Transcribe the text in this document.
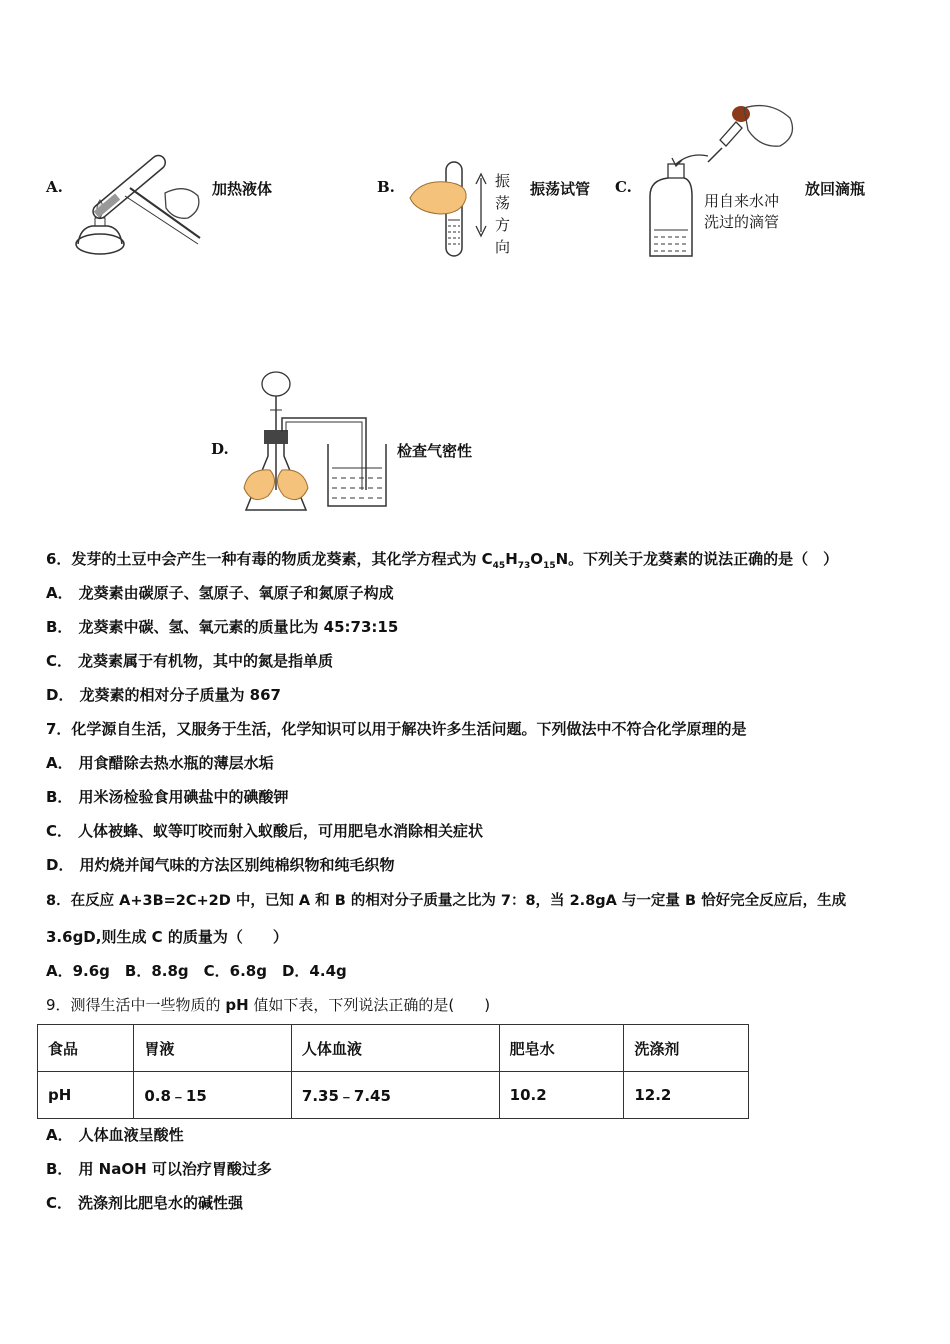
A.	加热液体	B.	振
荡
方
向
振荡试管 C.
用自来水冲
洗过的滴管
放回滴瓶
D.	检查气密性
6．发芽的土豆中会产生一种有毒的物质龙葵素，其化学方程式为 $C_{45}H_{73}O_{15}N$。下列关于龙葵素的说法正确的是（　）
A． 龙葵素由碳原子、氢原子、氧原子和氮原子构成
B． 龙葵素中碳、氢、氧元素的质量比为 45:73:15
C． 龙葵素属于有机物，其中的氮是指单质
D． 龙葵素的相对分子质量为 867
7．化学源自生活，又服务于生活，化学知识可以用于解决许多生活问题。下列做法中不符合化学原理的是
A． 用食醋除去热水瓶的薄层水垢
B． 用米汤检验食用碘盐中的碘酸钾
C． 人体被蜂、蚁等叮咬而射入蚁酸后，可用肥皂水消除相关症状
D． 用灼烧并闻气味的方法区别纯棉织物和纯毛织物
8．在反应 A+3B=2C+2D 中，已知 A 和 B 的相对分子质量之比为 7：8，当 2.8gA 与一定量 B 恰好完全反应后，生成
3.6gD,则生成 C 的质量为（　　）
A．9.6g　B．8.8g　C．6.8g　D．4.4g
9．测得生活中一些物质的 pH 值如下表，下列说法正确的是(　　)
食品	胃液	人体血液	肥皂水	洗涤剂
pH	0.8﹣15	7.35﹣7.45	10.2	12.2
A． 人体血液呈酸性
B． 用 NaOH 可以治疗胃酸过多
C． 洗涤剂比肥皂水的碱性强
